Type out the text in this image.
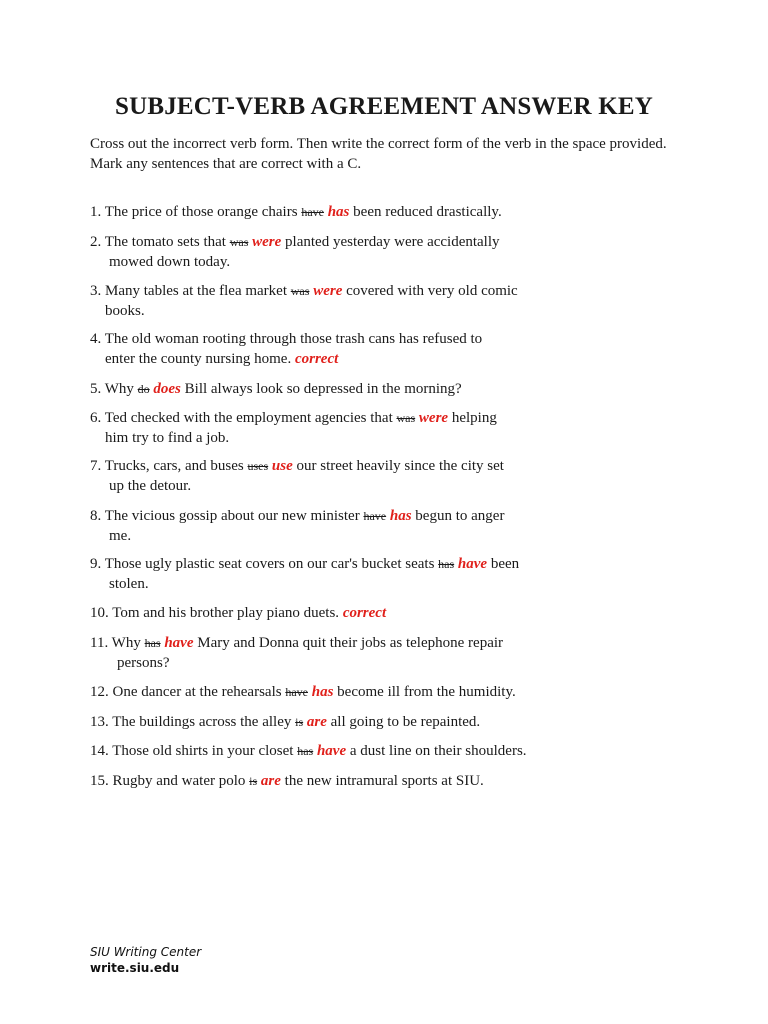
SUBJECT-VERB AGREEMENT ANSWER KEY
Cross out the incorrect verb form. Then write the correct form of the verb in the space provided.
Mark any sentences that are correct with a C.
1. The price of those orange chairs have has been reduced drastically.
2. The tomato sets that was were planted yesterday were accidentally
mowed down today.
3. Many tables at the flea market was were covered with very old comic
books.
4. The old woman rooting through those trash cans has refused to
enter the county nursing home. correct
5. Why do does Bill always look so depressed in the morning?
6. Ted checked with the employment agencies that was were helping
him try to find a job.
7. Trucks, cars, and buses uses use our street heavily since the city set
up the detour.
8. The vicious gossip about our new minister have has begun to anger
me.
9. Those ugly plastic seat covers on our car's bucket seats has have been
stolen.
10. Tom and his brother play piano duets. correct
11. Why has have Mary and Donna quit their jobs as telephone repair
persons?
12. One dancer at the rehearsals have has become ill from the humidity.
13. The buildings across the alley is are all going to be repainted.
14. Those old shirts in your closet has have a dust line on their shoulders.
15. Rugby and water polo is are the new intramural sports at SIU.
SIU Writing Center
write.siu.edu
